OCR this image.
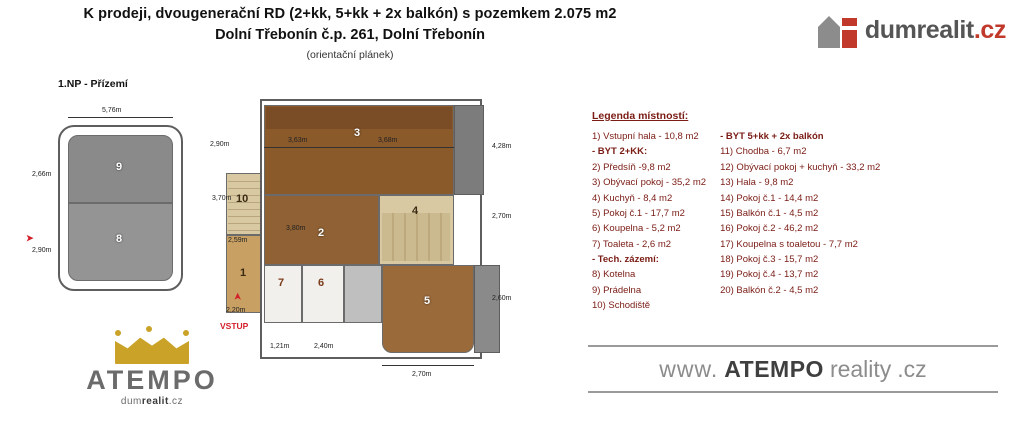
K prodeji, dvougenerační RD (2+kk, 5+kk + 2x balkón) s pozemkem 2.075 m2
Dolní Třebonín č.p. 261, Dolní Třebonín
(orientační plánek)
dumrealit.cz
1.NP - Přízemí
9
8
10
1
3
2
4
7	6
5
5,76m
2,90m
3,63m	3,68m
4,28m
2,70m
2,66m
2,90m
3,70m
2,59m
3,80m
2,60m
2,20m
1,21m	2,40m
2,70m
➤
➤
VSTUP
Legenda místností:
1) Vstupní hala - 10,8 m2
- BYT 2+KK:
2) Předsíň -9,8 m2
3) Obývací pokoj - 35,2 m2
4) Kuchyň - 8,4 m2
5) Pokoj č.1 - 17,7 m2
6) Koupelna - 5,2 m2
7) Toaleta - 2,6 m2
- Tech. zázemí:
8) Kotelna
9) Prádelna
10) Schodiště
- BYT 5+kk + 2x balkón
11) Chodba - 6,7 m2
12) Obývací pokoj + kuchyň - 33,2 m2
13) Hala - 9,8 m2
14) Pokoj č.1 - 14,4 m2
15) Balkón č.1 - 4,5 m2
16) Pokoj č.2 - 46,2 m2
17) Koupelna s toaletou - 7,7 m2
18) Pokoj č.3 - 15,7 m2
19) Pokoj č.4 - 13,7 m2
20) Balkón č.2 - 4,5 m2
ATEMPO
dumrealit.cz
www. ATEMPO reality .cz
